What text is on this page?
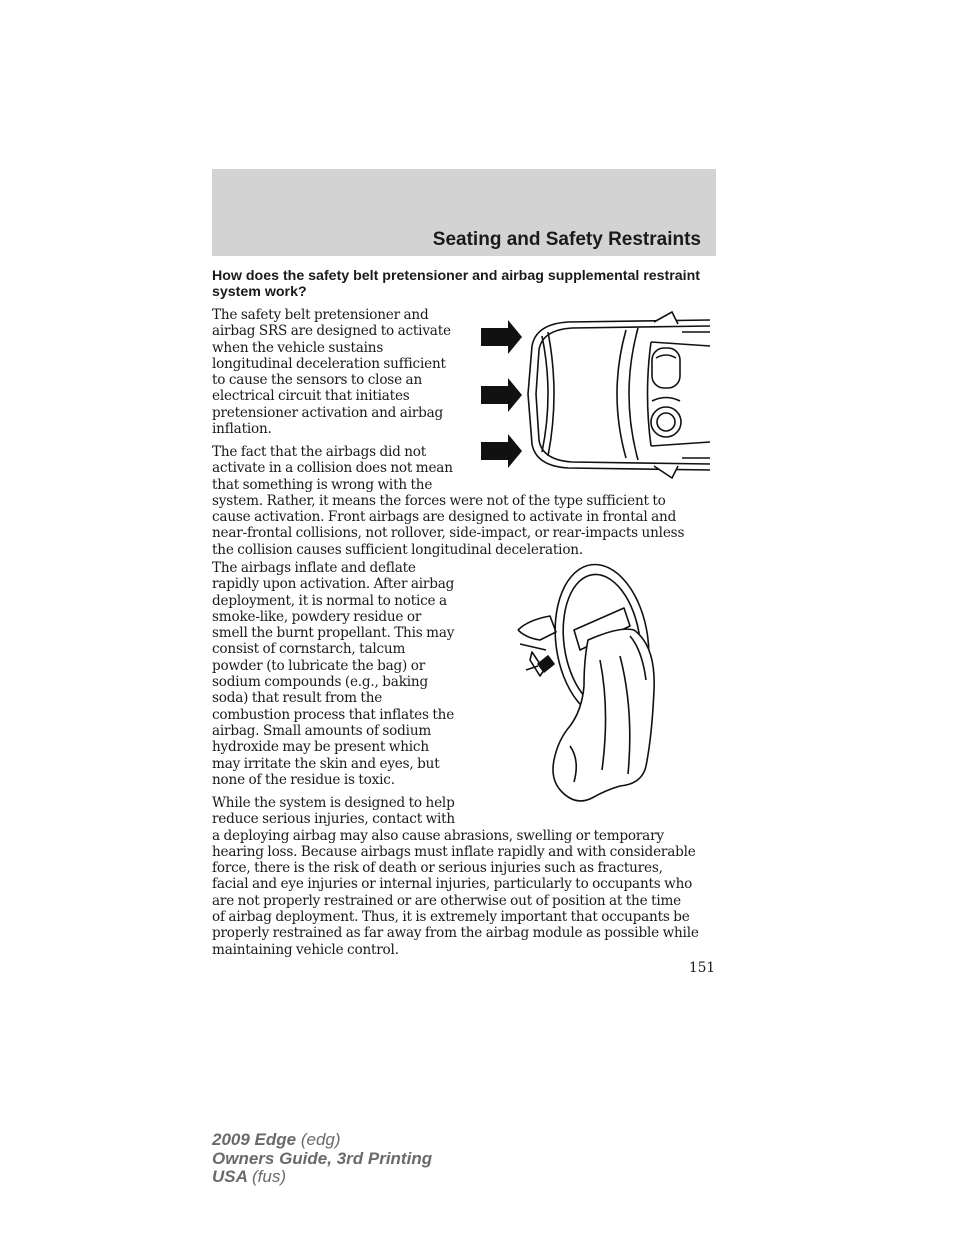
Seating and Safety Restraints
How does the safety belt pretensioner and airbag supplemental restraint system work?

The safety belt pretensioner and
airbag SRS are designed to activate
when the vehicle sustains
longitudinal deceleration sufficient
to cause the sensors to close an
electrical circuit that initiates
pretensioner activation and airbag
inflation.

The fact that the airbags did not
activate in a collision does not mean
that something is wrong with the
system. Rather, it means the forces were not of the type sufficient to
cause activation. Front airbags are designed to activate in frontal and
near-frontal collisions, not rollover, side-impact, or rear-impacts unless
the collision causes sufficient longitudinal deceleration.

The airbags inflate and deflate
rapidly upon activation. After airbag
deployment, it is normal to notice a
smoke-like, powdery residue or
smell the burnt propellant. This may
consist of cornstarch, talcum
powder (to lubricate the bag) or
sodium compounds (e.g., baking
soda) that result from the
combustion process that inflates the
airbag. Small amounts of sodium
hydroxide may be present which
may irritate the skin and eyes, but
none of the residue is toxic.

While the system is designed to help
reduce serious injuries, contact with
a deploying airbag may also cause abrasions, swelling or temporary
hearing loss. Because airbags must inflate rapidly and with considerable
force, there is the risk of death or serious injuries such as fractures,
facial and eye injuries or internal injuries, particularly to occupants who
are not properly restrained or are otherwise out of position at the time
of airbag deployment. Thus, it is extremely important that occupants be
properly restrained as far away from the airbag module as possible while
maintaining vehicle control.

151
2009 Edge (edg)
Owners Guide, 3rd Printing
USA (fus)
